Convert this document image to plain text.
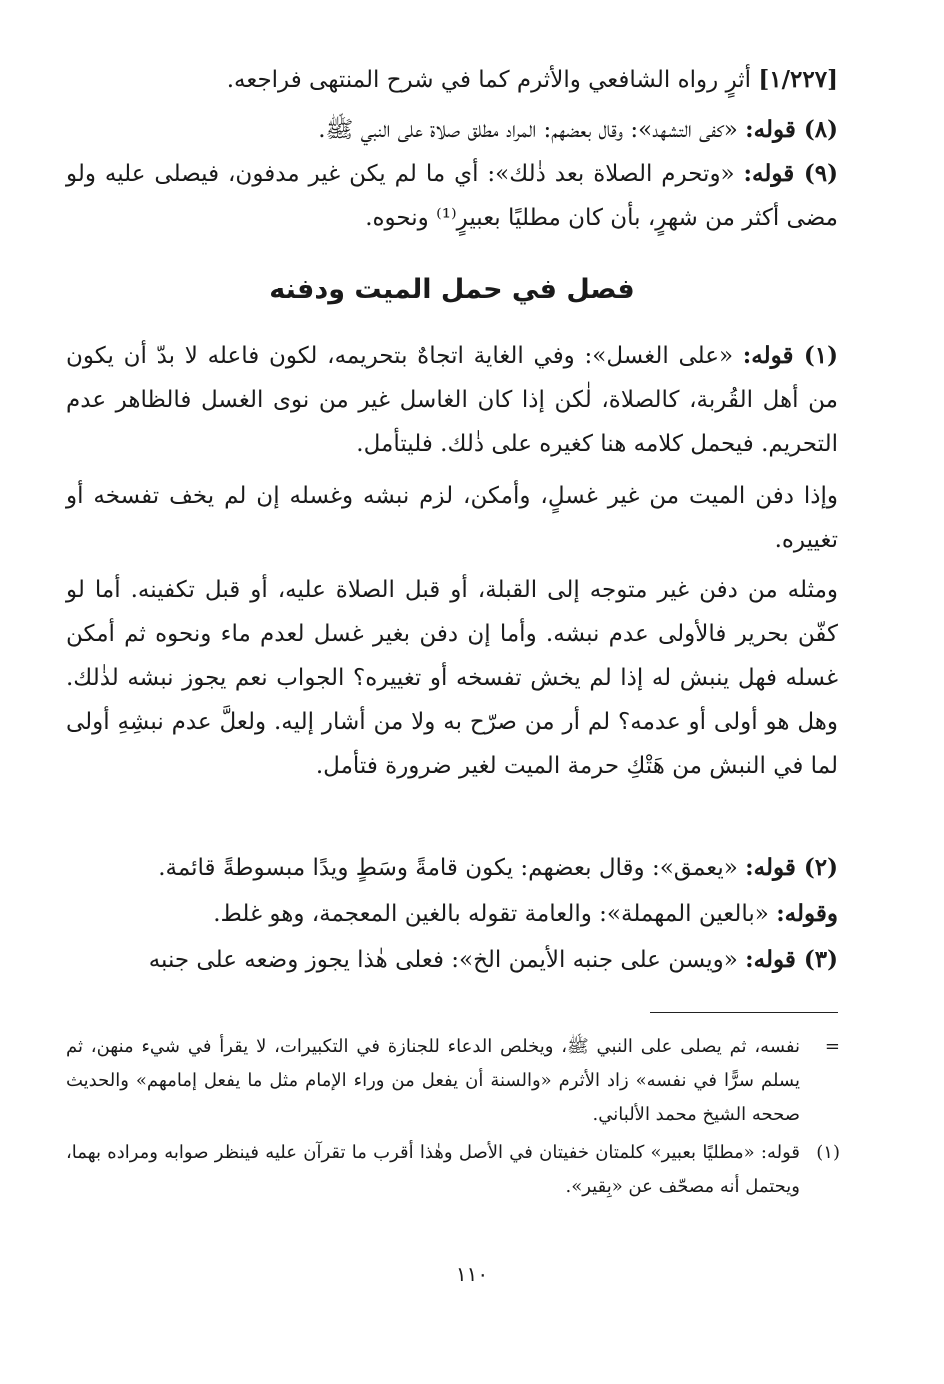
[١/٢٢٧] أثرٍ رواه الشافعي والأثرم كما في شرح المنتهى فراجعه.
(٨) قوله: «كفى التشهد»: وقال بعضهم: المراد مطلق صلاة على النبي ﷺ.
(٩) قوله: «وتحرم الصلاة بعد ذٰلك»: أي ما لم يكن غير مدفون، فيصلى عليه ولو مضى أكثر من شهرٍ، بأن كان مطليًا بعبيرٍ⁽¹⁾ ونحوه.
فصل في حمل الميت ودفنه
(١) قوله: «على الغسل»: وفي الغاية اتجاهٌ بتحريمه، لكون فاعله لا بدّ أن يكون من أهل القُربة، كالصلاة، لٰكن إذا كان الغاسل غير من نوى الغسل فالظاهر عدم التحريم. فيحمل كلامه هنا كغيره على ذٰلك. فليتأمل.
وإذا دفن الميت من غير غسلٍ، وأمكن، لزم نبشه وغسله إن لم يخف تفسخه أو تغييره.
ومثله من دفن غير متوجه إلى القبلة، أو قبل الصلاة عليه، أو قبل تكفينه. أما لو كفّن بحرير فالأولى عدم نبشه. وأما إن دفن بغير غسل لعدم ماء ونحوه ثم أمكن غسله فهل ينبش له إذا لم يخش تفسخه أو تغييره؟ الجواب نعم يجوز نبشه لذٰلك. وهل هو أولى أو عدمه؟ لم أر من صرّح به ولا من أشار إليه. ولعلَّ عدم نبشِهِ أولى لما في النبش من هَتْكِ حرمة الميت لغير ضرورة فتأمل.
(٢) قوله: «يعمق»: وقال بعضهم: يكون قامةً وسَطٍ ويدًا مبسوطةً قائمة.
وقوله: «بالعين المهملة»: والعامة تقوله بالغين المعجمة، وهو غلط.
(٣) قوله: «ويسن على جنبه الأيمن الخ»: فعلى هٰذا يجوز وضعه على جنبه
=
نفسه، ثم يصلى على النبي ﷺ، ويخلص الدعاء للجنازة في التكبيرات، لا يقرأ في شيء منهن، ثم يسلم سرًّا في نفسه» زاد الأثرم «والسنة أن يفعل من وراء الإمام مثل ما يفعل إمامهم» والحديث صححه الشيخ محمد الألباني.
(١)
قوله: «مطليًا بعبير» كلمتان خفيتان في الأصل وهٰذا أقرب ما تقرآن عليه فينظر صوابه ومراده بهما، ويحتمل أنه مصحّف عن «بِقير».
١١٠
